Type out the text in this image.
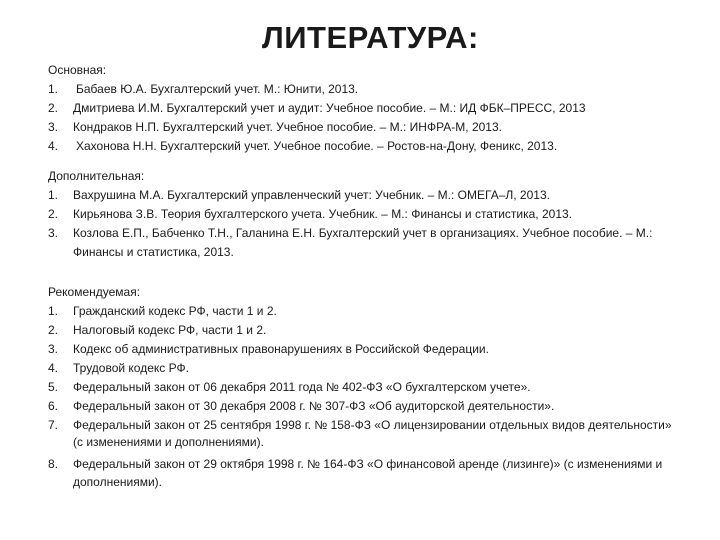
ЛИТЕРАТУРА:
Основная:
1.	Бабаев Ю.А. Бухгалтерский учет. М.: Юнити, 2013.
2.	Дмитриева И.М. Бухгалтерский учет и аудит: Учебное пособие. – М.: ИД ФБК–ПРЕСС, 2013
3.	Кондраков Н.П. Бухгалтерский учет. Учебное пособие. – М.: ИНФРА-М, 2013.
4.	Хахонова Н.Н. Бухгалтерский учет. Учебное пособие. – Ростов-на-Дону, Феникс, 2013.
Дополнительная:
1.	Вахрушина М.А. Бухгалтерский управленческий учет: Учебник. – М.: ОМЕГА–Л, 2013.
2.	Кирьянова З.В. Теория бухгалтерского учета. Учебник. – М.: Финансы и статистика, 2013.
3.	Козлова Е.П., Бабченко Т.Н., Галанина Е.Н. Бухгалтерский учет в организациях. Учебное пособие. – М.: Финансы и статистика, 2013.
Рекомендуемая:
1.	Гражданский кодекс РФ, части 1 и 2.
2.	Налоговый кодекс РФ, части 1 и 2.
3.	Кодекс об административных правонарушениях в Российской Федерации.
4.	Трудовой кодекс РФ.
5.	Федеральный закон от 06 декабря 2011 года № 402-ФЗ «О бухгалтерском учете».
6.	Федеральный закон от 30 декабря 2008 г. № 307-ФЗ «Об аудиторской деятельности».
7.	Федеральный закон от 25 сентября 1998 г. № 158-ФЗ «О лицензировании отдельных видов деятельности» (с изменениями и дополнениями).
8.	Федеральный закон от 29 октября 1998 г. № 164-ФЗ «О финансовой аренде (лизинге)» (с изменениями и дополнениями).
